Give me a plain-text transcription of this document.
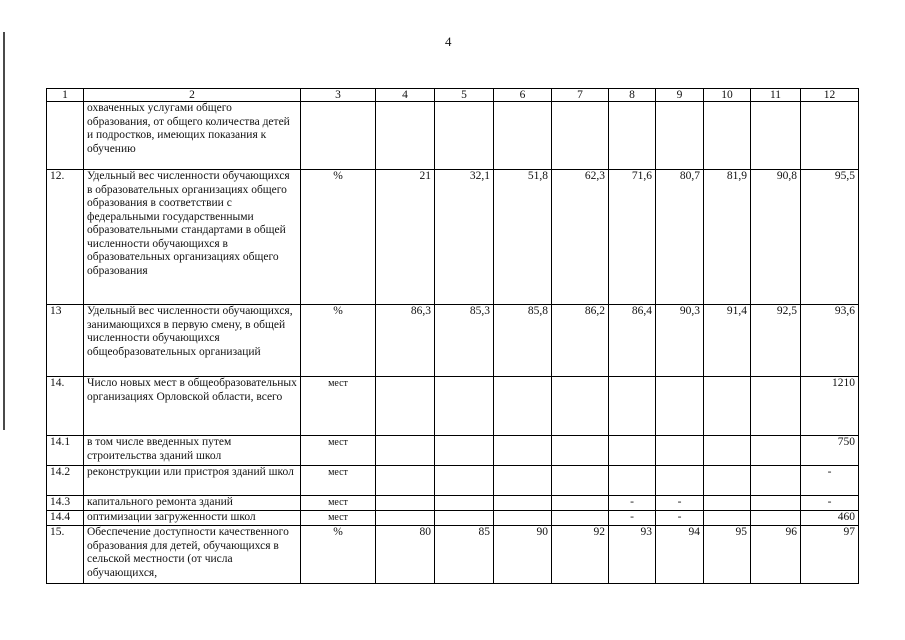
4
1	2	3	4	5	6	7	8	9	10	11	12
	охваченных услугами общего образования, от общего количества детей и подростков, имеющих показания к обучению										
12.	Удельный вес численности обучающихся в образовательных организациях общего образования в соответствии с федеральными государственными образовательными стандартами в общей численности обучающихся в образовательных организациях общего образования	%	21	32,1	51,8	62,3	71,6	80,7	81,9	90,8	95,5
13	Удельный вес численности обучающихся, занимающихся в первую смену, в общей численности обучающихся общеобразовательных организаций	%	86,3	85,3	85,8	86,2	86,4	90,3	91,4	92,5	93,6
14.	Число новых мест в общеобразовательных организациях Орловской области, всего	мест									1210
14.1	в том числе введенных путем строительства зданий школ	мест									750
14.2	реконструкции или пристроя зданий школ	мест									-
14.3	капитального ремонта зданий	мест					-	-			-
14.4	оптимизации загруженности школ	мест					-	-			460
15.	Обеспечение доступности качественного образования для детей, обучающихся в сельской местности (от числа обучающихся,	%	80	85	90	92	93	94	95	96	97
